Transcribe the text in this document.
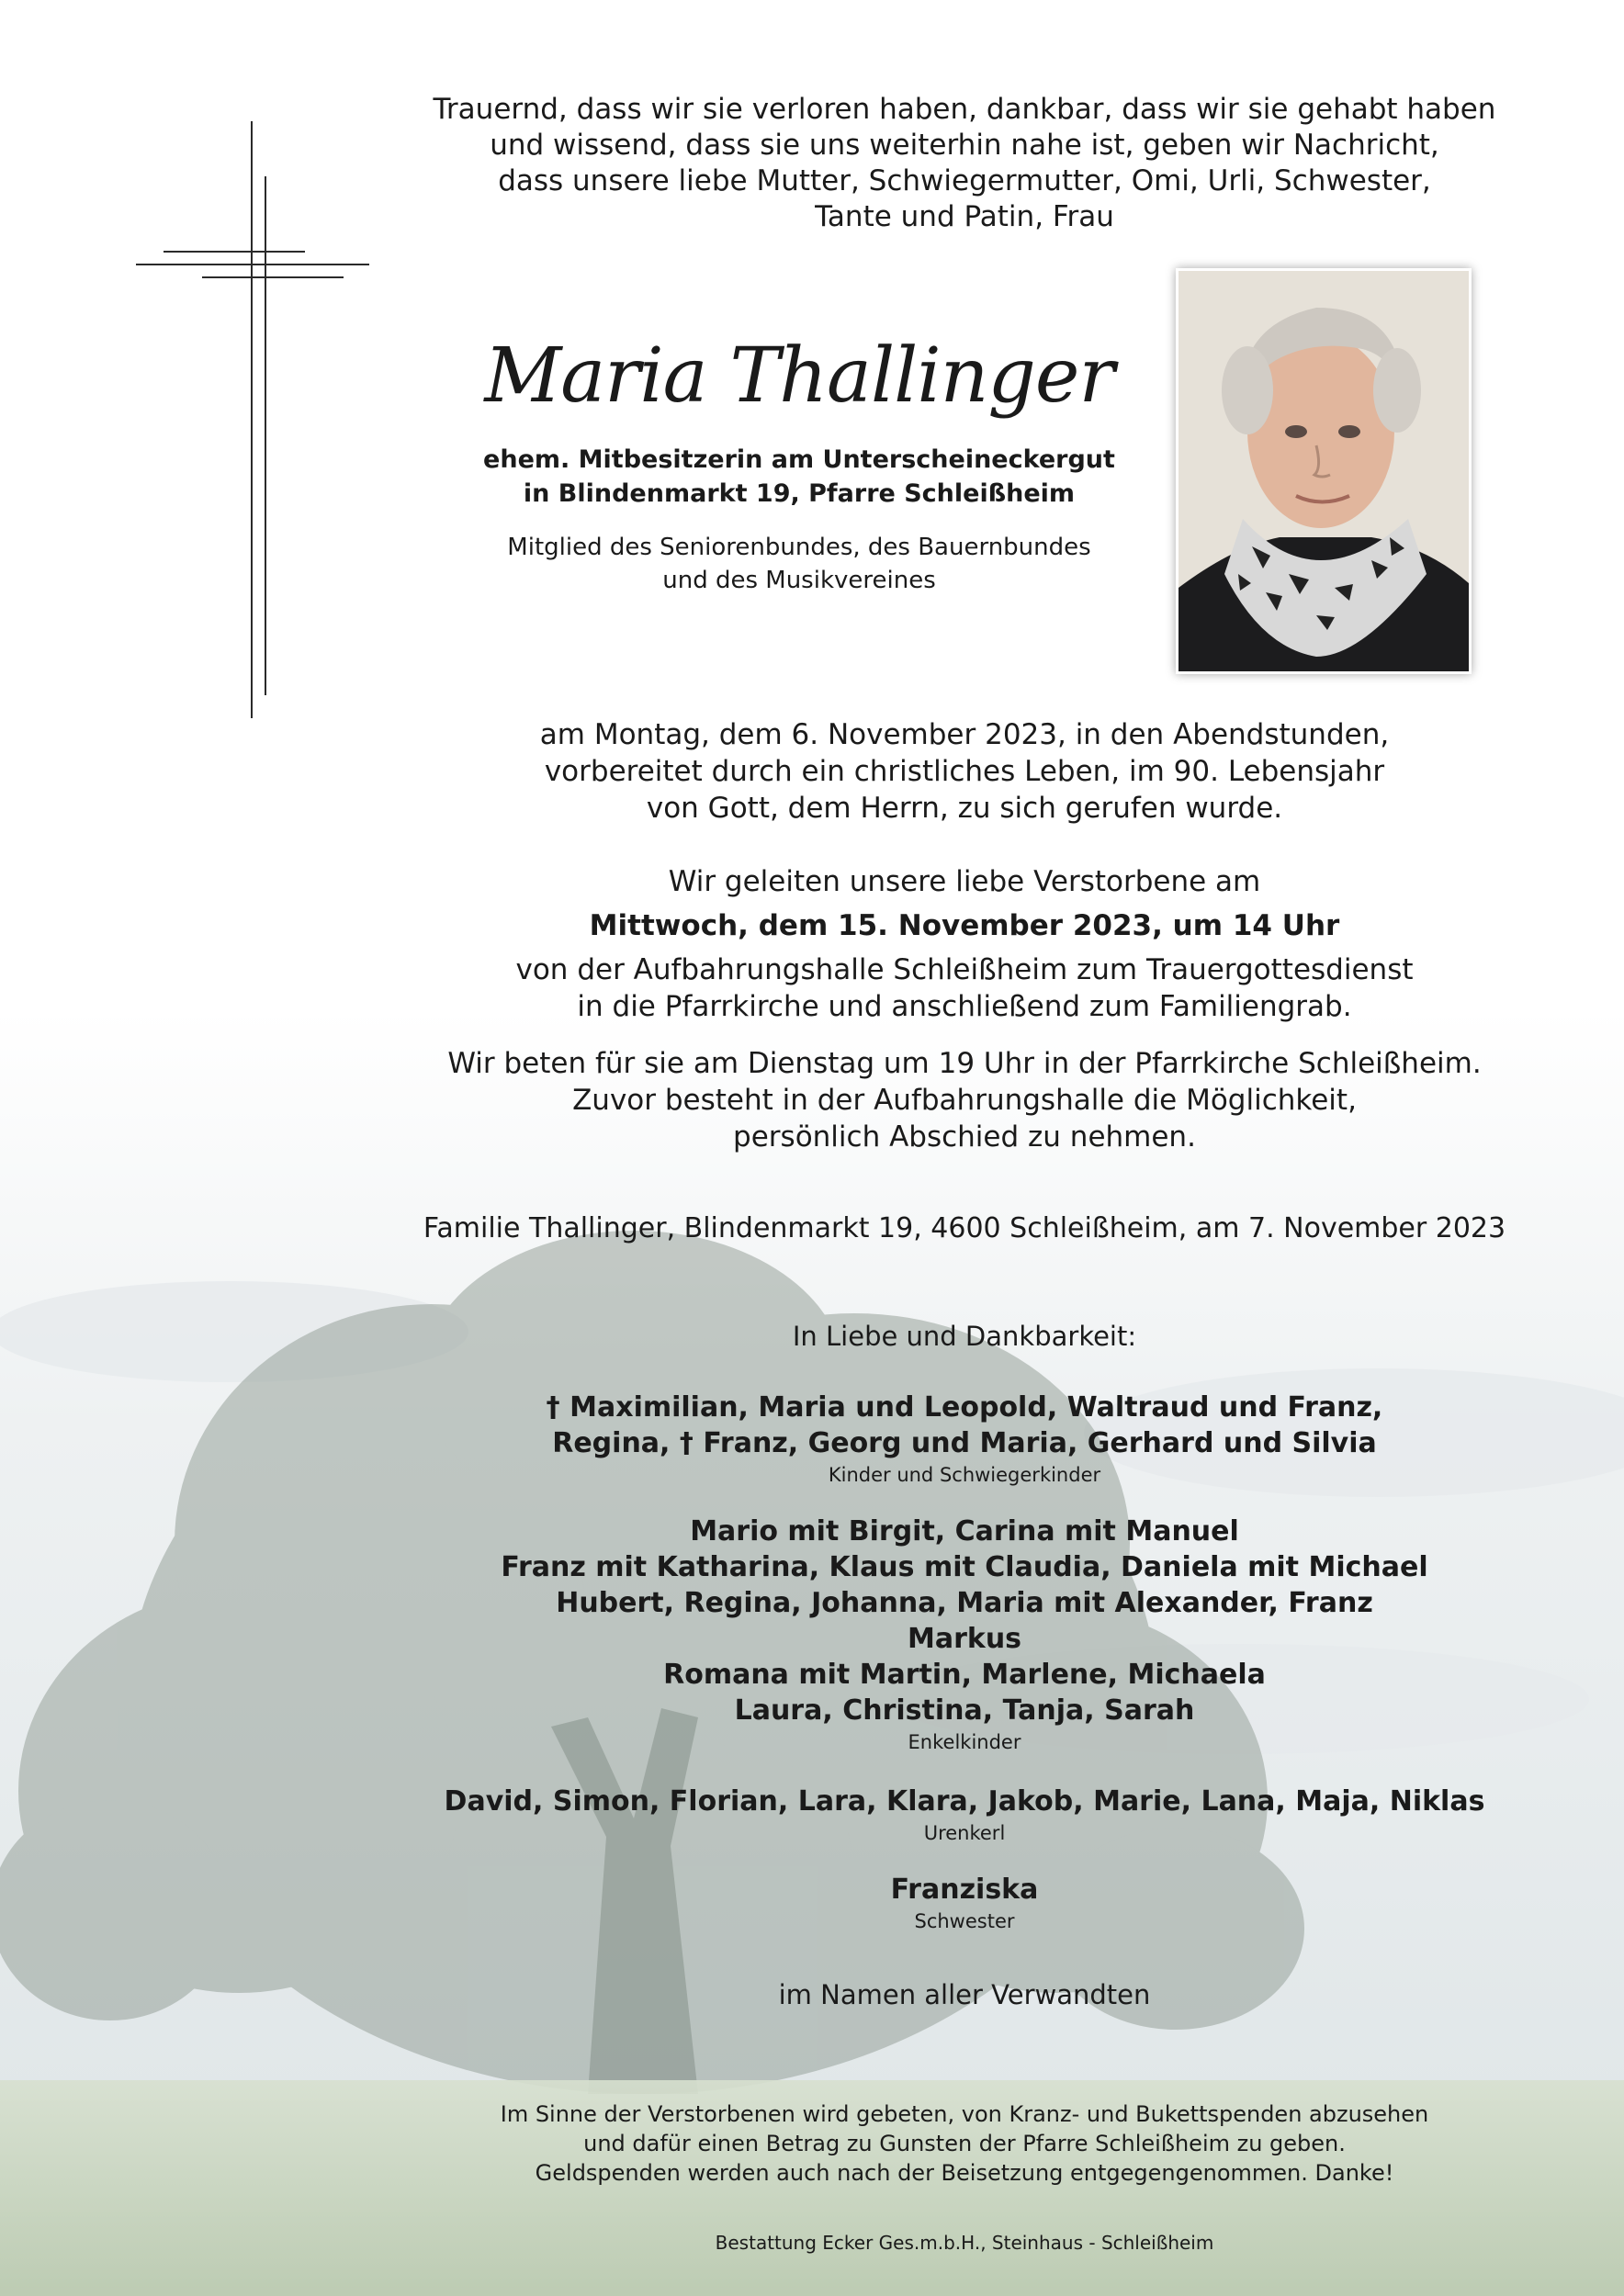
Trauernd, dass wir sie verloren haben, dankbar, dass wir sie gehabt haben
und wissend, dass sie uns weiterhin nahe ist, geben wir Nachricht,
dass unsere liebe Mutter, Schwiegermutter, Omi, Urli, Schwester,
Tante und Patin, Frau
Maria Thallinger
ehem. Mitbesitzerin am Unterscheineckergut
in Blindenmarkt 19, Pfarre Schleißheim
Mitglied des Seniorenbundes, des Bauernbundes
und des Musikvereines
am Montag, dem 6. November 2023, in den Abendstunden,
vorbereitet durch ein christliches Leben, im 90. Lebensjahr
von Gott, dem Herrn, zu sich gerufen wurde.
Wir geleiten unsere liebe Verstorbene am
Mittwoch, dem 15. November 2023, um 14 Uhr
von der Aufbahrungshalle Schleißheim zum Trauergottesdienst
in die Pfarrkirche und anschließend zum Familiengrab.
Wir beten für sie am Dienstag um 19 Uhr in der Pfarrkirche Schleißheim.
Zuvor besteht in der Aufbahrungshalle die Möglichkeit,
persönlich Abschied zu nehmen.
Familie Thallinger, Blindenmarkt 19, 4600 Schleißheim, am 7. November 2023
In Liebe und Dankbarkeit:
† Maximilian, Maria und Leopold, Waltraud und Franz,
Regina, † Franz, Georg und Maria, Gerhard und Silvia
Kinder und Schwiegerkinder
Mario mit Birgit, Carina mit Manuel
Franz mit Katharina, Klaus mit Claudia, Daniela mit Michael
Hubert, Regina, Johanna, Maria mit Alexander, Franz
Markus
Romana mit Martin, Marlene, Michaela
Laura, Christina, Tanja, Sarah
Enkelkinder
David, Simon, Florian, Lara, Klara, Jakob, Marie, Lana, Maja, Niklas
Urenkerl
Franziska
Schwester
im Namen aller Verwandten
Im Sinne der Verstorbenen wird gebeten, von Kranz- und Bukettspenden abzusehen
und dafür einen Betrag zu Gunsten der Pfarre Schleißheim zu geben.
Geldspenden werden auch nach der Beisetzung entgegengenommen. Danke!
Bestattung Ecker Ges.m.b.H., Steinhaus - Schleißheim
